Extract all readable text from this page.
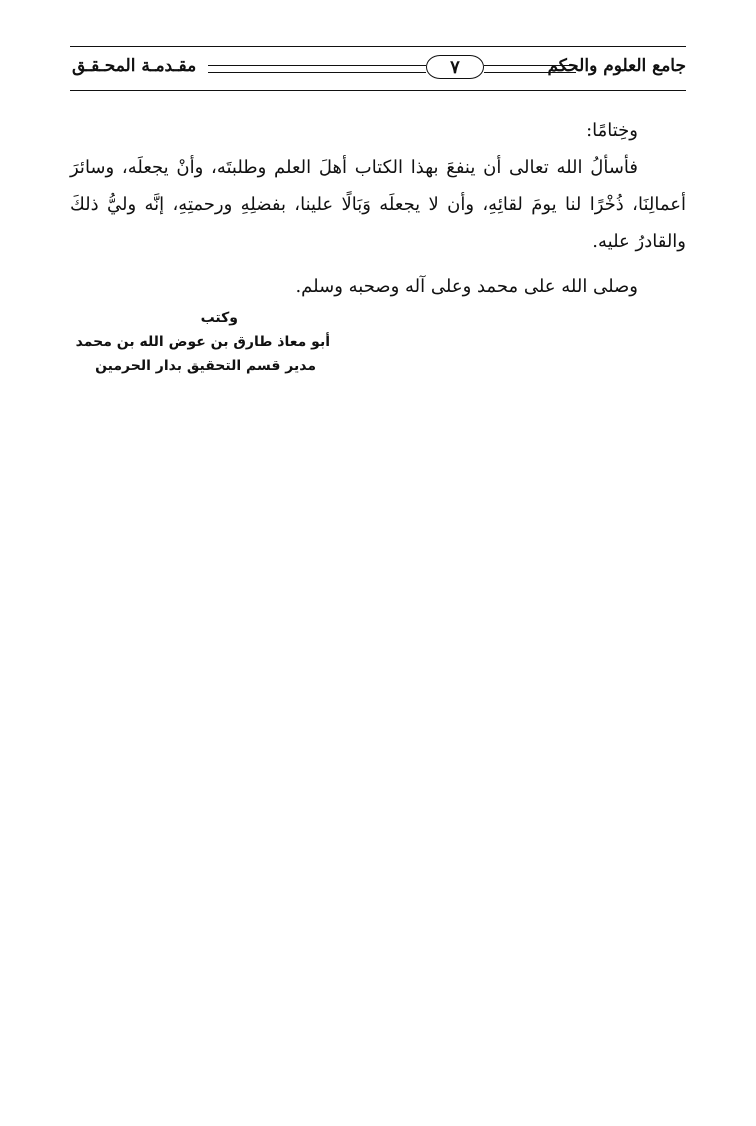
جامع العلوم والحكم
٧
مقـدمـة المحـقـق

وخِتامًا:

فأسألُ الله تعالى أن ينفعَ بهذا الكتاب أهلَ العلم وطلبتَه، وأنْ يجعلَه، وسائرَ أعمالِنَا، ذُخْرًا لنا يومَ لقائِهِ، وأن لا يجعلَه وَبَالًا علينا، بفضلِهِ ورحمتِهِ، إنَّه وليُّ ذلكَ والقادرُ عليه.

وصلى الله على محمد وعلى آله وصحبه وسلم.

وكتب
أبو معاذ طارق بن عوض الله بن محمد
مدير قسم التحقيق بدار الحرمين
